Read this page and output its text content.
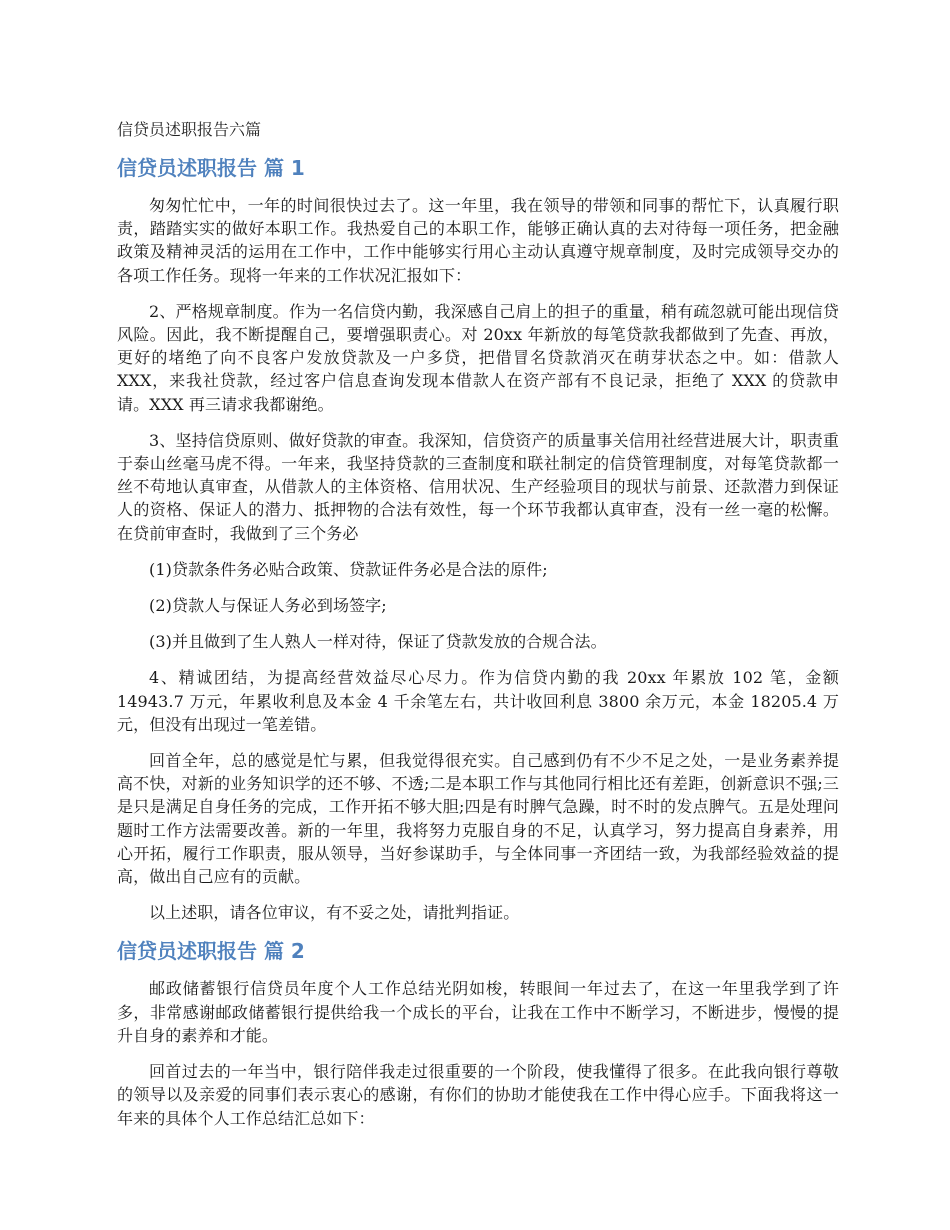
信贷员述职报告六篇
信贷员述职报告 篇 1

匆匆忙忙中，一年的时间很快过去了。这一年里，我在领导的带领和同事的帮忙下，认真履行职责，踏踏实实的做好本职工作。我热爱自己的本职工作，能够正确认真的去对待每一项任务，把金融政策及精神灵活的运用在工作中，工作中能够实行用心主动认真遵守规章制度，及时完成领导交办的各项工作任务。现将一年来的工作状况汇报如下：

2、严格规章制度。作为一名信贷内勤，我深感自己肩上的担子的重量，稍有疏忽就可能出现信贷风险。因此，我不断提醒自己，要增强职责心。对 20xx 年新放的每笔贷款我都做到了先查、再放，更好的堵绝了向不良客户发放贷款及一户多贷，把借冒名贷款消灭在萌芽状态之中。如：借款人 XXX，来我社贷款，经过客户信息查询发现本借款人在资产部有不良记录，拒绝了 XXX 的贷款申请。XXX 再三请求我都谢绝。

3、坚持信贷原则、做好贷款的审查。我深知，信贷资产的质量事关信用社经营进展大计，职责重于泰山丝毫马虎不得。一年来，我坚持贷款的三查制度和联社制定的信贷管理制度，对每笔贷款都一丝不苟地认真审查，从借款人的主体资格、信用状况、生产经验项目的现状与前景、还款潜力到保证人的资格、保证人的潜力、抵押物的合法有效性，每一个环节我都认真审查，没有一丝一毫的松懈。在贷前审查时，我做到了三个务必

(1)贷款条件务必贴合政策、贷款证件务必是合法的原件;

(2)贷款人与保证人务必到场签字;

(3)并且做到了生人熟人一样对待，保证了贷款发放的合规合法。

4、精诚团结，为提高经营效益尽心尽力。作为信贷内勤的我 20xx 年累放 102 笔，金额 14943.7 万元，年累收利息及本金 4 千余笔左右，共计收回利息 3800 余万元，本金 18205.4 万元，但没有出现过一笔差错。

回首全年，总的感觉是忙与累，但我觉得很充实。自己感到仍有不少不足之处，一是业务素养提高不快，对新的业务知识学的还不够、不透;二是本职工作与其他同行相比还有差距，创新意识不强;三是只是满足自身任务的完成，工作开拓不够大胆;四是有时脾气急躁，时不时的发点脾气。五是处理问题时工作方法需要改善。新的一年里，我将努力克服自身的不足，认真学习，努力提高自身素养，用心开拓，履行工作职责，服从领导，当好参谋助手，与全体同事一齐团结一致，为我部经验效益的提高，做出自己应有的贡献。

以上述职，请各位审议，有不妥之处，请批判指证。

信贷员述职报告 篇 2

邮政储蓄银行信贷员年度个人工作总结光阴如梭，转眼间一年过去了，在这一年里我学到了许多，非常感谢邮政储蓄银行提供给我一个成长的平台，让我在工作中不断学习，不断进步，慢慢的提升自身的素养和才能。

回首过去的一年当中，银行陪伴我走过很重要的一个阶段，使我懂得了很多。在此我向银行尊敬的领导以及亲爱的同事们表示衷心的感谢，有你们的协助才能使我在工作中得心应手。下面我将这一年来的具体个人工作总结汇总如下：
